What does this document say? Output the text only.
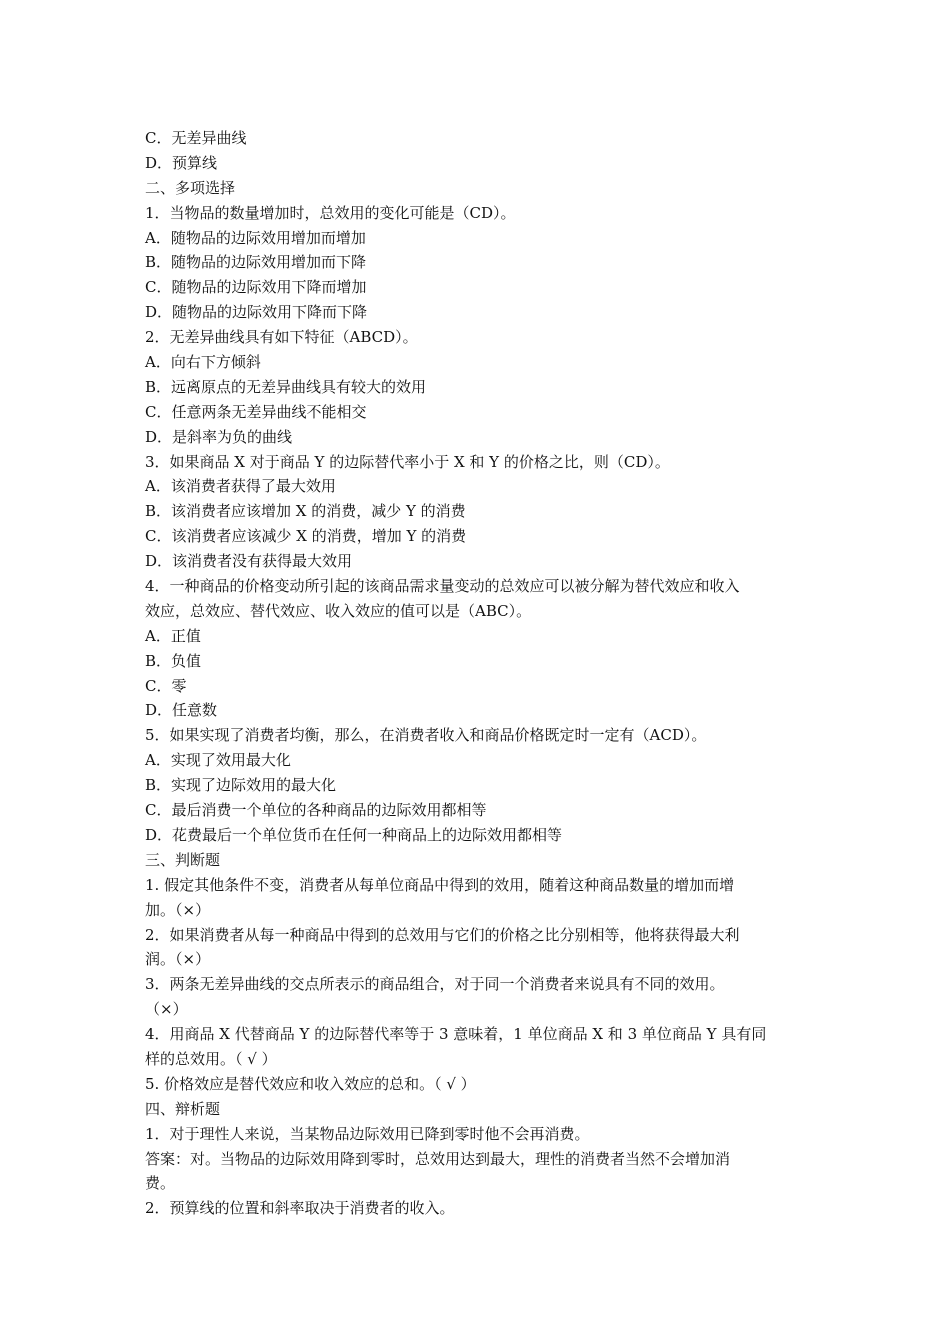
C．无差异曲线
D．预算线
二、多项选择
1．当物品的数量增加时，总效用的变化可能是（CD）。
A．随物品的边际效用增加而增加
B．随物品的边际效用增加而下降
C．随物品的边际效用下降而增加
D．随物品的边际效用下降而下降
2．无差异曲线具有如下特征（ABCD）。
A．向右下方倾斜
B．远离原点的无差异曲线具有较大的效用
C．任意两条无差异曲线不能相交
D．是斜率为负的曲线
3．如果商品 X 对于商品 Y 的边际替代率小于 X 和 Y 的价格之比，则（CD）。
A．该消费者获得了最大效用
B．该消费者应该增加 X 的消费，减少 Y 的消费
C．该消费者应该减少 X 的消费，增加 Y 的消费
D．该消费者没有获得最大效用
4．一种商品的价格变动所引起的该商品需求量变动的总效应可以被分解为替代效应和收入
效应，总效应、替代效应、收入效应的值可以是（ABC）。
A．正值
B．负值
C．零
D．任意数
5．如果实现了消费者均衡，那么，在消费者收入和商品价格既定时一定有（ACD）。
A．实现了效用最大化
B．实现了边际效用的最大化
C．最后消费一个单位的各种商品的边际效用都相等
D．花费最后一个单位货币在任何一种商品上的边际效用都相等
三、判断题
1. 假定其他条件不变，消费者从每单位商品中得到的效用，随着这种商品数量的增加而增
加。（×）
2．如果消费者从每一种商品中得到的总效用与它们的价格之比分别相等，他将获得最大利
润。（×）
3．两条无差异曲线的交点所表示的商品组合，对于同一个消费者来说具有不同的效用。
（×）
4．用商品 X 代替商品 Y 的边际替代率等于 3 意味着，1 单位商品 X 和 3 单位商品 Y 具有同
样的总效用。（ √ ）
5. 价格效应是替代效应和收入效应的总和。（ √ ）
四、辩析题
1．对于理性人来说，当某物品边际效用已降到零时他不会再消费。
答案：对。当物品的边际效用降到零时，总效用达到最大，理性的消费者当然不会增加消
费。
2．预算线的位置和斜率取决于消费者的收入。
